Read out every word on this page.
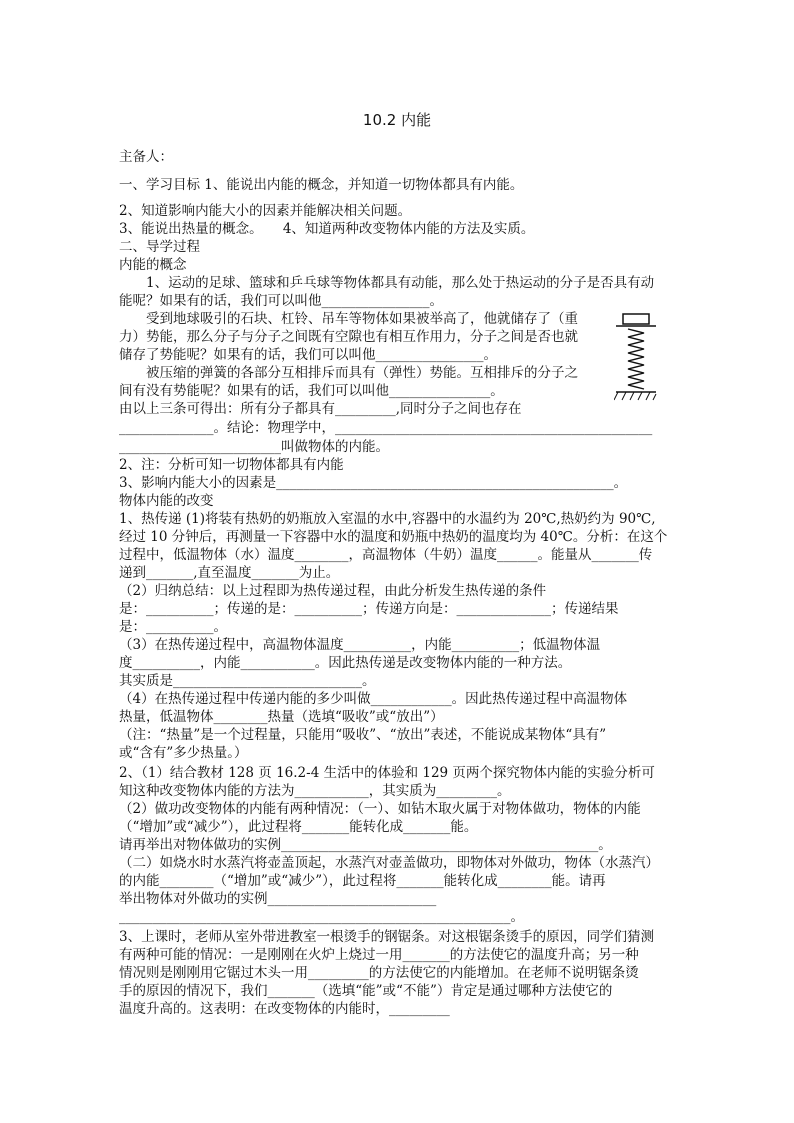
10.2 内能
主备人：
一、学习目标 1、能说出内能的概念，并知道一切物体都具有内能。
2、知道影响内能大小的因素并能解决相关问题。
3、能说出热量的概念。　　4、知道两种改变物体内能的方法及实质。
二、导学过程
内能的概念
　　1、运动的足球、篮球和乒乓球等物体都具有动能，那么处于热运动的分子是否具有动
能呢？如果有的话，我们可以叫他________________。
　　受到地球吸引的石块、杠铃、吊车等物体如果被举高了，他就储存了（重
力）势能，那么分子与分子之间既有空隙也有相互作用力，分子之间是否也就
储存了势能呢？如果有的话，我们可以叫他________________。
　　被压缩的弹簧的各部分互相排斥而具有（弹性）势能。互相排斥的分子之
间有没有势能呢？如果有的话，我们可以叫他_______________。
由以上三条可得出：所有分子都具有_________,同时分子之间也存在
______________。结论：物理学中，_______________________________________________
________________________叫做物体的内能。
2、注：分析可知一切物体都具有内能
3、影响内能大小的因素是__________________________________________________。
物体内能的改变
1、热传递 (1)将装有热奶的奶瓶放入室温的水中,容器中的水温约为 20℃,热奶约为 90℃,
经过 10 分钟后，再测量一下容器中水的温度和奶瓶中热奶的温度均为 40℃。分析：在这个
过程中，低温物体（水）温度________，高温物体（牛奶）温度______。能量从_______传
递到_______,直至温度_______为止。
（2）归纳总结：以上过程即为热传递过程，由此分析发生热传递的条件
是：__________；传递的是：__________；传递方向是：______________；传递结果
是：__________。
（3）在热传递过程中，高温物体温度__________，内能__________；低温物体温
度__________，内能___________。因此热传递是改变物体内能的一种方法。
其实质是____________________________。
（4）在热传递过程中传递内能的多少叫做____________。因此热传递过程中高温物体
热量，低温物体________热量（选填“吸收”或“放出”）
（注：“热量”是一个过程量，只能用“吸收”、“放出”表述，不能说成某物体“具有”
或“含有”多少热量。）
2、（1）结合教材 128 页 16.2-4 生活中的体验和 129 页两个探究物体内能的实验分析可
知这种改变物体内能的方法为___________，其实质为_________。
（2）做功改变物体的内能有两种情况：（一）、如钻木取火属于对物体做功，物体的内能
（“增加”或“减少”），此过程将_______能转化成_______能。
请再举出对物体做功的实例_______________________________________________。
（二）如烧水时水蒸汽将壶盖顶起，水蒸汽对壶盖做功，即物体对外做功，物体（水蒸汽）
的内能________（“增加”或“减少”），此过程将_______能转化成________能。请再
举出物体对外做功的实例_________________________
__________________________________________________________。
3、上课时，老师从室外带进教室一根烫手的钢锯条。对这根锯条烫手的原因，同学们猜测
有两种可能的情况：一是刚刚在火炉上烧过一用_______的方法使它的温度升高；另一种
情况则是刚刚用它锯过木头一用_________的方法使它的内能增加。在老师不说明锯条烫
手的原因的情况下，我们_______（选填“能”或“不能”）肯定是通过哪种方法使它的
温度升高的。这表明：在改变物体的内能时，_________
